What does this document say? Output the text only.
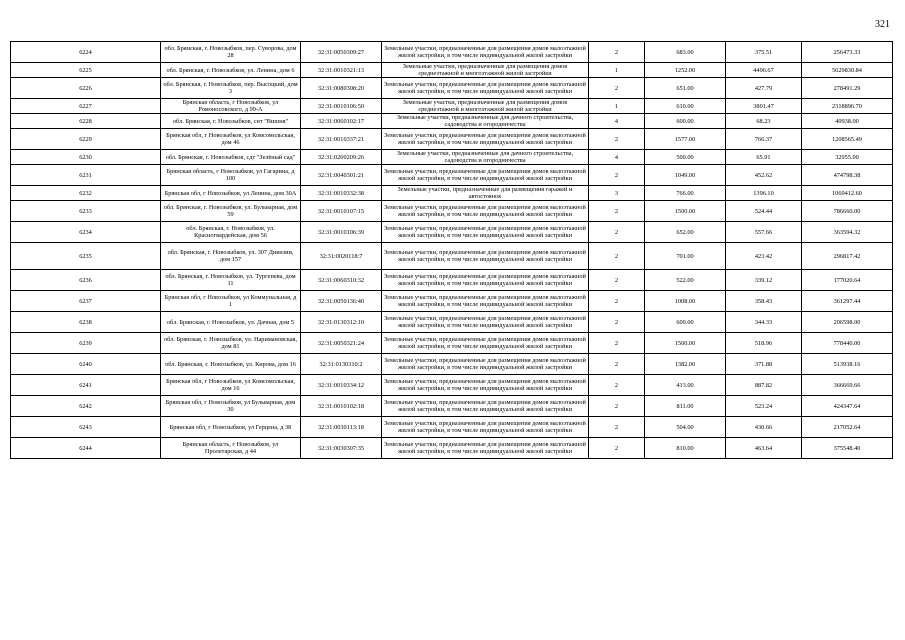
321
6224	обл. Брянская, г. Новозыбков, пер. Суворова, дом 28	32:31:0050309:27	Земельные участки, предназначенные для размещения домов малоэтажной жилой застройки, в том числе индивидуальной жилой застройки	2	683.00	375.51	256473.33
6225	обл. Брянская, г. Новозыбков, ул. Ленина, дом 6	32:31:0010321:13	Земельные участки, предназначенные для размещения домов среднеэтажной и многоэтажной жилой застройки	1	1252.00	4496.67	5629830.84
6226	обл. Брянская, г. Новозыбков, пер. Высоцкий, дом 3	32:31:0080308:20	Земельные участки, предназначенные для размещения домов малоэтажной жилой застройки, в том числе индивидуальной жилой застройки	2	651.00	427.79	278491.29
6227	Брянская область, г Новозыбков, ул Ромоносовского, д 99-А	32:31:0010106:50	Земельные участки, предназначенные для размещения домов среднеэтажной и многоэтажной жилой застройки	1	610.00	3801.47	2318896.70
6228	обл. Брянская, г. Новозыбков, снт "Вишня"	32:31:0060102:17	Земельные участки, предназначенные для дачного строительства, садоводства и огородничества	4	600.00	68.23	40938.00
6229	Брянская обл, г Новозыбков, ул Комсомольская, дом 46	32:31:0010337:21	Земельные участки, предназначенные для размещения домов малоэтажной жилой застройки, в том числе индивидуальной жилой застройки	2	1577.00	766.37	1208565.49
6230	обл. Брянская, г. Новозыбков, сдт "Зелёный сад"	32:31:0200209:26	Земельные участки, предназначенные для дачного строительства, садоводства и огородничества	4	500.00	65.91	32955.00
6231	Брянская область, г Новозыбков, ул Гагарина, д 100	32:31:0040301:21	Земельные участки, предназначенные для размещения домов малоэтажной жилой застройки, в том числе индивидуальной жилой застройки	2	1049.00	452.62	474798.38
6232	Брянская обл, г Новозыбков, ул Ленина, дом 30А	32:31:0010332:38	Земельные участки, предназначенные для размещения гаражей и автостоянок	3	766.00	1396.10	1069412.60
6233	обл. Брянская, г. Новозыбков, ул. Бульварная, дом 59	32:31:0010107:15	Земельные участки, предназначенные для размещения домов малоэтажной жилой застройки, в том числе индивидуальной жилой застройки	2	1500.00	524.44	786660.00
6234	обл. Брянская, г. Новозыбков, ул. Красногвардейская, дом 56	32:31:0010106:39	Земельные участки, предназначенные для размещения домов малоэтажной жилой застройки, в том числе индивидуальной жилой застройки	2	652.00	557.66	363594.32
6235	обл. Брянская, г. Новозыбков, ул. 307 Дивизии, дом 157	32:31:0020118:7	Земельные участки, предназначенные для размещения домов малоэтажной жилой застройки, в том числе индивидуальной жилой застройки	2	701.00	423.42	296817.42
6236	обл. Брянская, г. Новозыбков, ул. Тургенева, дом 11	32:31:0060310:32	Земельные участки, предназначенные для размещения домов малоэтажной жилой застройки, в том числе индивидуальной жилой застройки	2	522.00	339.12	177020.64
6237	Брянская обл, г Новозыбков, ул Коммунальная, д 1	32:31:0050136:40	Земельные участки, предназначенные для размещения домов малоэтажной жилой застройки, в том числе индивидуальной жилой застройки	2	1008.00	358.43	361297.44
6238	обл. Брянская, г. Новозыбков, ул. Дачная, дом 5	32:31:0130312:10	Земельные участки, предназначенные для размещения домов малоэтажной жилой застройки, в том числе индивидуальной жилой застройки	2	600.00	344.33	206598.00
6239	обл. Брянская, г. Новозыбков, ул. Наримановская, дом 81	32:31:0050321:24	Земельные участки, предназначенные для размещения домов малоэтажной жилой застройки, в том числе индивидуальной жилой застройки	2	1500.00	518.96	778440.00
6240	обл. Брянская, г. Новозыбков, ул. Кирова, дом 16	32:31:0130310:2	Земельные участки, предназначенные для размещения домов малоэтажной жилой застройки, в том числе индивидуальной жилой застройки	2	1382.00	371.88	513938.16
6241	Брянская обл, г Новозыбков, ул Комсомольская, дом 16	32:31:0010334:12	Земельные участки, предназначенные для размещения домов малоэтажной жилой застройки, в том числе индивидуальной жилой застройки	2	413.00	887.82	366669.66
6242	Брянская обл, г Новозыбков, ул Бульварная, дом 30	32:31:0010102:18	Земельные участки, предназначенные для размещения домов малоэтажной жилой застройки, в том числе индивидуальной жилой застройки	2	811.00	523.24	424347.64
6243	Брянская обл, г Новозыбков, ул Герцена, д 38	32:31:0030113:18	Земельные участки, предназначенные для размещения домов малоэтажной жилой застройки, в том числе индивидуальной жилой застройки	2	504.00	430.66	217052.64
6244	Брянская область, г Новозыбков, ул Пролетарская, д 44	32:31:0030307:35	Земельные участки, предназначенные для размещения домов малоэтажной жилой застройки, в том числе индивидуальной жилой застройки	2	810.00	463.64	375548.40
